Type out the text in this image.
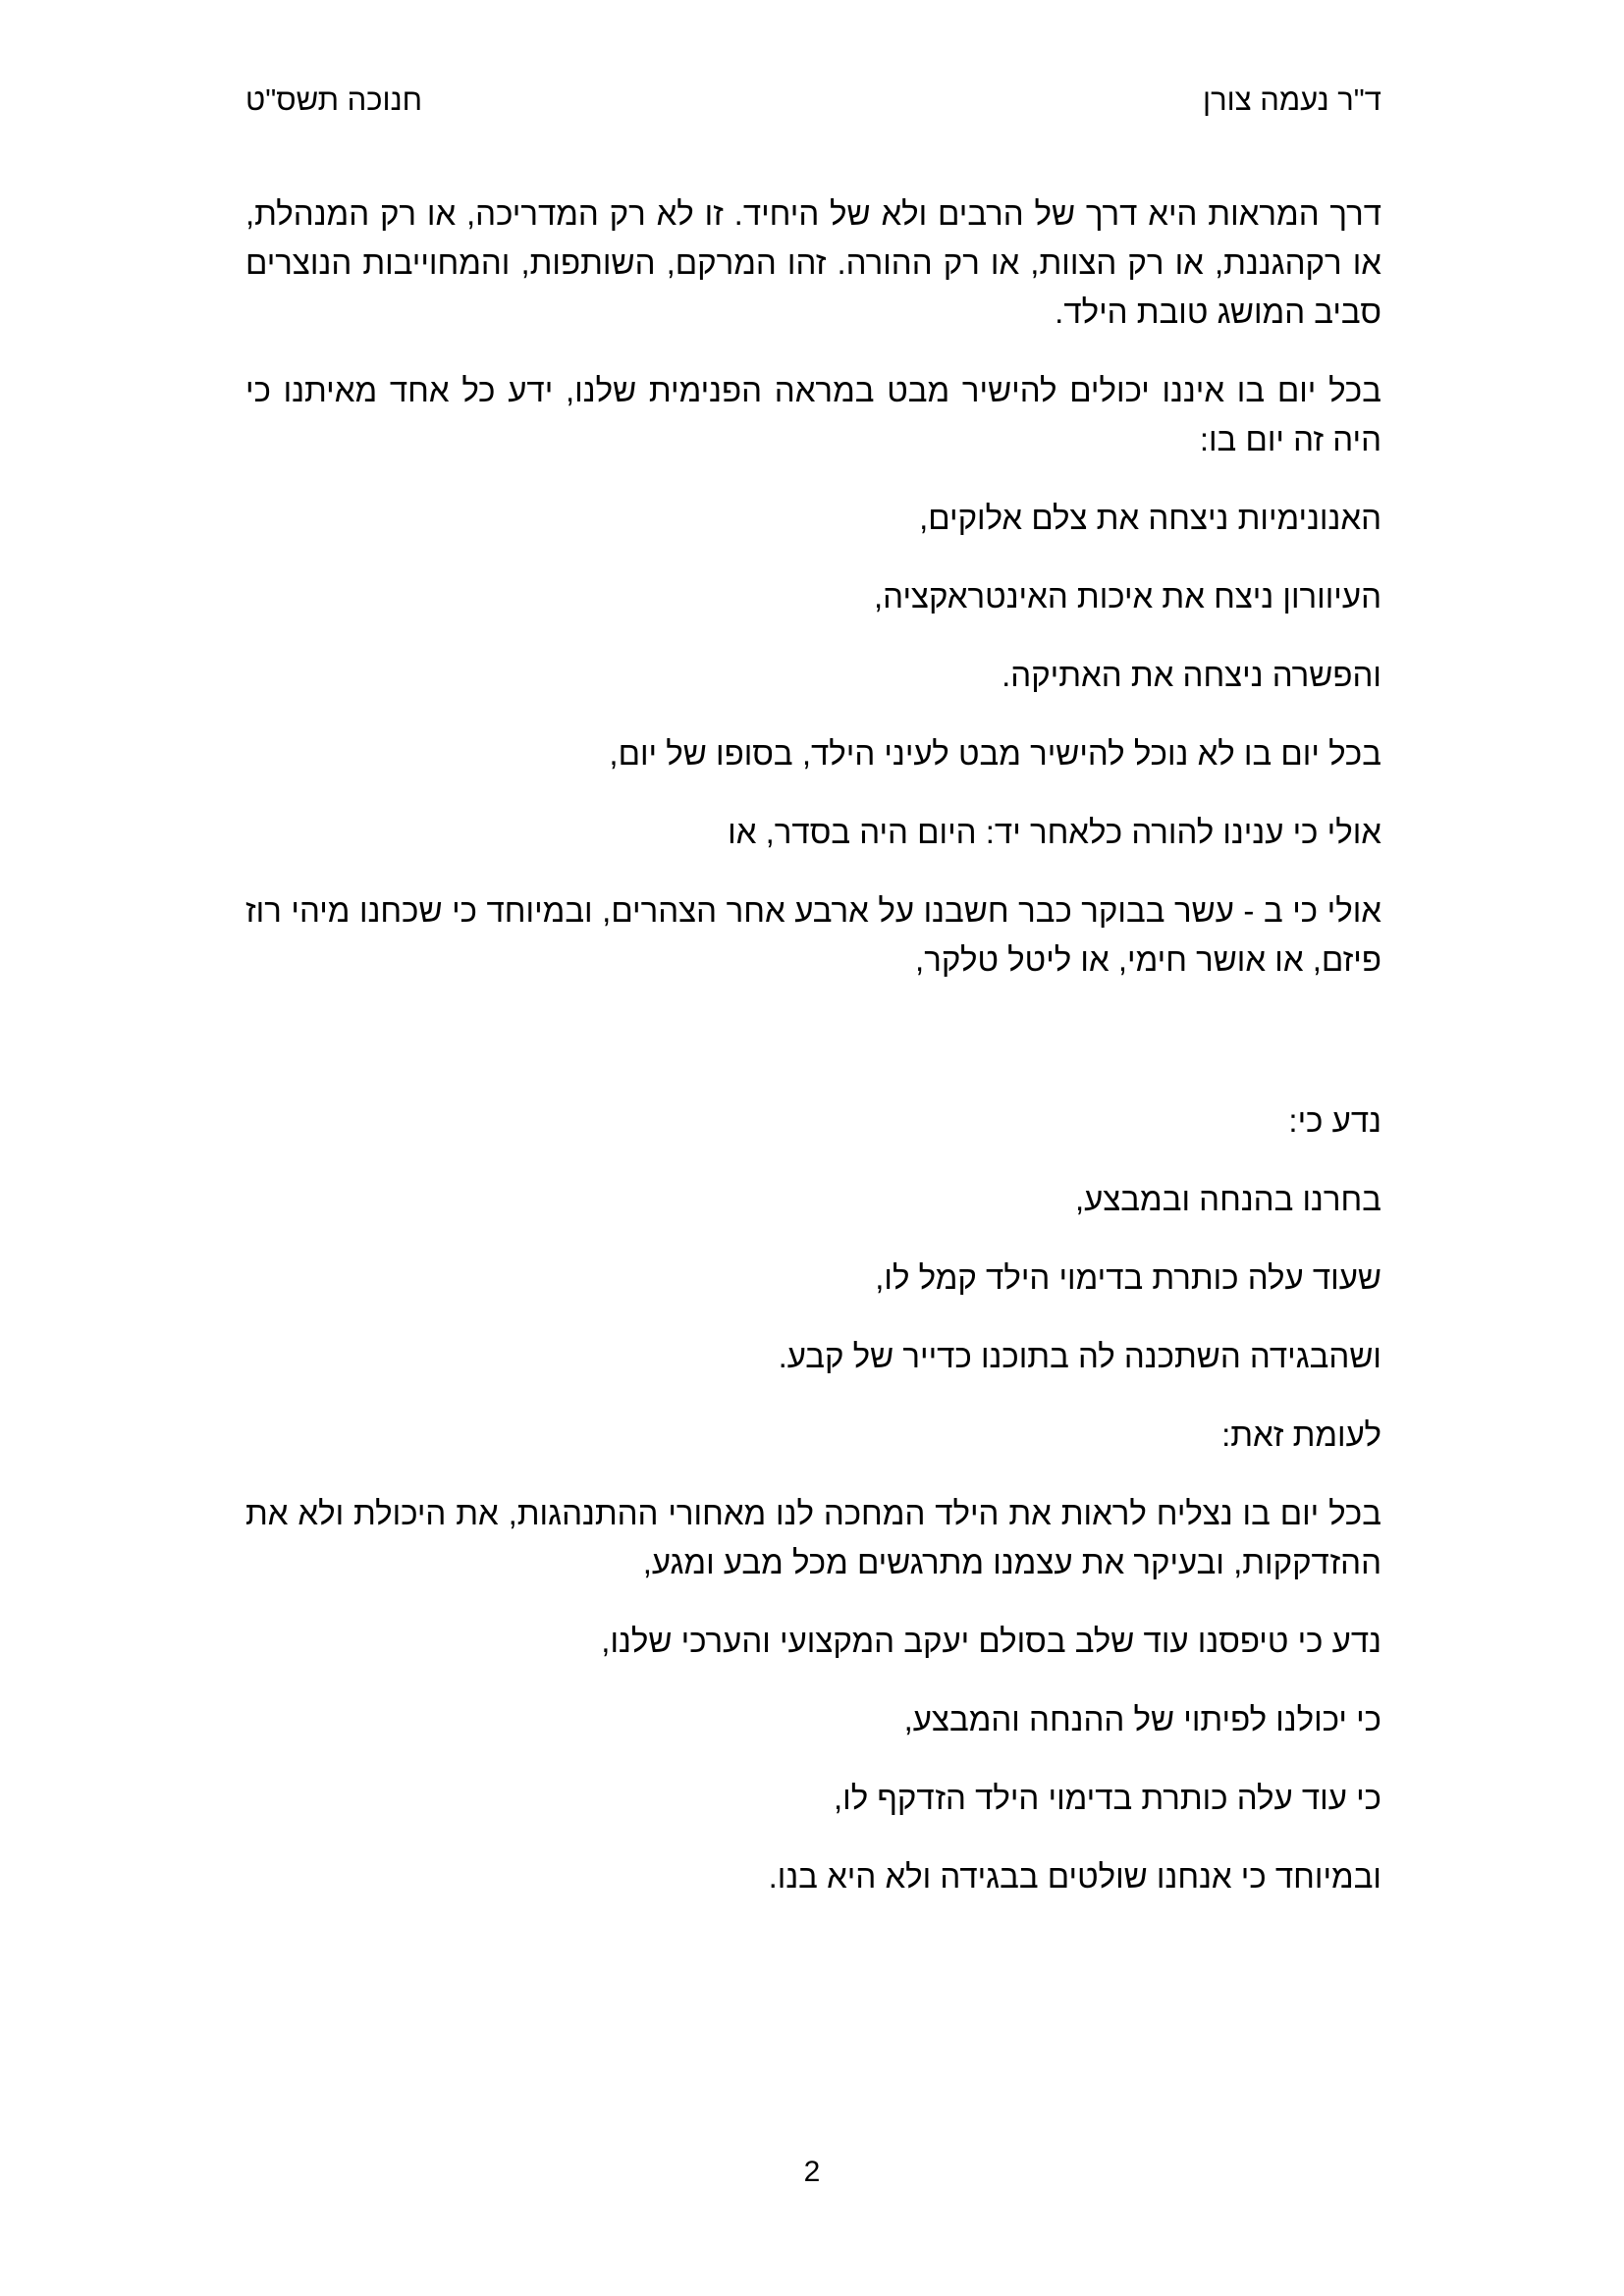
ד"ר נעמה צורן
חנוכה תשס"ט

דרך המראות היא דרך של הרבים ולא של היחיד. זו לא רק המדריכה, או רק המנהלת, או רקהגננת, או רק הצוות, או רק ההורה. זהו המרקם, השותפות, והמחוייבות הנוצרים סביב המושג טובת הילד.

בכל יום בו איננו יכולים להישיר מבט במראה הפנימית שלנו, ידע כל אחד מאיתנו כי היה זה יום בו:

האנונימיות ניצחה את צלם אלוקים,

העיוורון ניצח את איכות האינטראקציה,

והפשרה ניצחה את האתיקה.

בכל יום בו לא נוכל להישיר מבט לעיני הילד, בסופו של יום,

אולי כי ענינו להורה כלאחר יד: היום היה בסדר, או

אולי כי ב - עשר בבוקר כבר חשבנו על ארבע אחר הצהרים, ובמיוחד כי שכחנו מיהי רוז פיזם, או אושר חימי, או ליטל טלקר,

נדע כי:

בחרנו בהנחה ובמבצע,

שעוד עלה כותרת בדימוי הילד קמל לו,

ושהבגידה השתכנה לה בתוכנו כדייר של קבע.

לעומת זאת:

בכל יום בו נצליח לראות את הילד המחכה לנו מאחורי ההתנהגות, את היכולת ולא את ההזדקקות, ובעיקר את עצמנו מתרגשים מכל מבע ומגע,

נדע כי טיפסנו עוד שלב בסולם יעקב המקצועי והערכי שלנו,

כי יכולנו לפיתוי של ההנחה והמבצע,

כי עוד עלה כותרת בדימוי הילד הזדקף לו,

ובמיוחד כי אנחנו שולטים בבגידה ולא היא בנו.

2
